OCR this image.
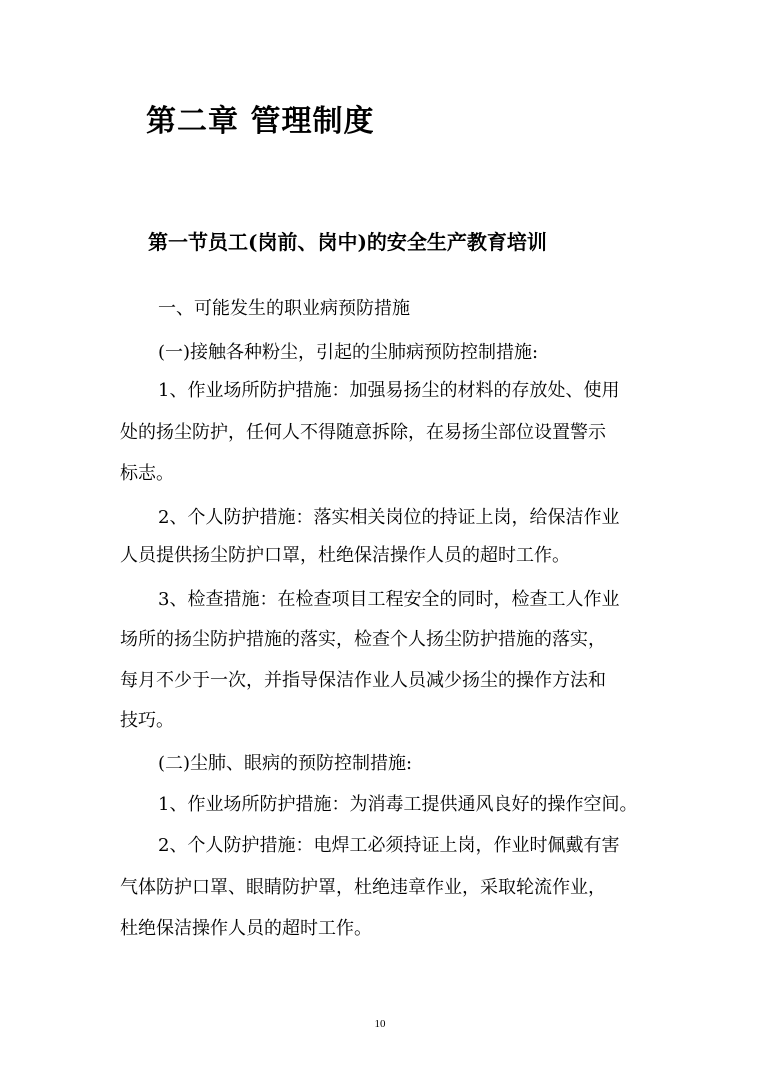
第二章 管理制度
第一节员工(岗前、岗中)的安全生产教育培训

一、可能发生的职业病预防措施

(一)接触各种粉尘，引起的尘肺病预防控制措施:

1、作业场所防护措施：加强易扬尘的材料的存放处、使用

处的扬尘防护，任何人不得随意拆除，在易扬尘部位设置警示

标志。

2、个人防护措施：落实相关岗位的持证上岗，给保洁作业

人员提供扬尘防护口罩，杜绝保洁操作人员的超时工作。

3、检查措施：在检查项目工程安全的同时，检查工人作业

场所的扬尘防护措施的落实，检查个人扬尘防护措施的落实，

每月不少于一次，并指导保洁作业人员减少扬尘的操作方法和

技巧。

(二)尘肺、眼病的预防控制措施:

1、作业场所防护措施：为消毒工提供通风良好的操作空间。

2、个人防护措施：电焊工必须持证上岗，作业时佩戴有害

气体防护口罩、眼睛防护罩，杜绝违章作业，采取轮流作业，

杜绝保洁操作人员的超时工作。

10
